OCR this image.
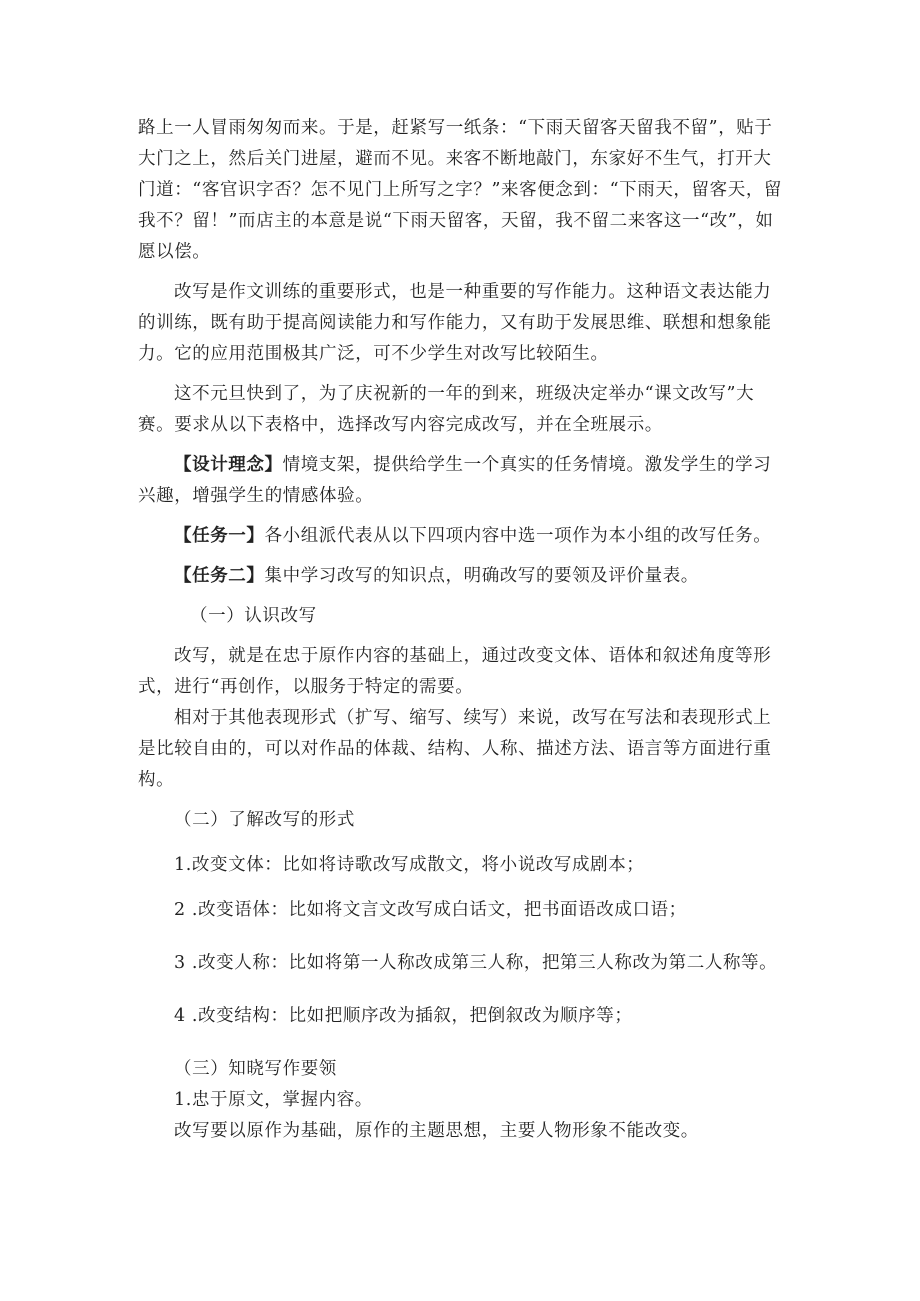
路上一人冒雨匆匆而来。于是，赶紧写一纸条：“下雨天留客天留我不留”，贴于大门之上，然后关门进屋，避而不见。来客不断地敲门，东家好不生气，打开大门道：“客官识字否？怎不见门上所写之字？”来客便念到：“下雨天，留客天，留我不？留！”而店主的本意是说“下雨天留客，天留，我不留二来客这一“改”，如愿以偿。

改写是作文训练的重要形式，也是一种重要的写作能力。这种语文表达能力的训练，既有助于提高阅读能力和写作能力，又有助于发展思维、联想和想象能力。它的应用范围极其广泛，可不少学生对改写比较陌生。

这不元旦快到了，为了庆祝新的一年的到来，班级决定举办“课文改写”大赛。要求从以下表格中，选择改写内容完成改写，并在全班展示。

【设计理念】情境支架，提供给学生一个真实的任务情境。激发学生的学习兴趣，增强学生的情感体验。

【任务一】各小组派代表从以下四项内容中选一项作为本小组的改写任务。

【任务二】集中学习改写的知识点，明确改写的要领及评价量表。

（一）认识改写

改写，就是在忠于原作内容的基础上，通过改变文体、语体和叙述角度等形式，进行“再创作，以服务于特定的需要。

相对于其他表现形式（扩写、缩写、续写）来说，改写在写法和表现形式上是比较自由的，可以对作品的体裁、结构、人称、描述方法、语言等方面进行重构。

（二）了解改写的形式

1.改变文体：比如将诗歌改写成散文，将小说改写成剧本；

2 .改变语体：比如将文言文改写成白话文，把书面语改成口语；

3 .改变人称：比如将第一人称改成第三人称，把第三人称改为第二人称等。

4 .改变结构：比如把顺序改为插叙，把倒叙改为顺序等；

（三）知晓写作要领

1.忠于原文，掌握内容。

改写要以原作为基础，原作的主题思想，主要人物形象不能改变。
